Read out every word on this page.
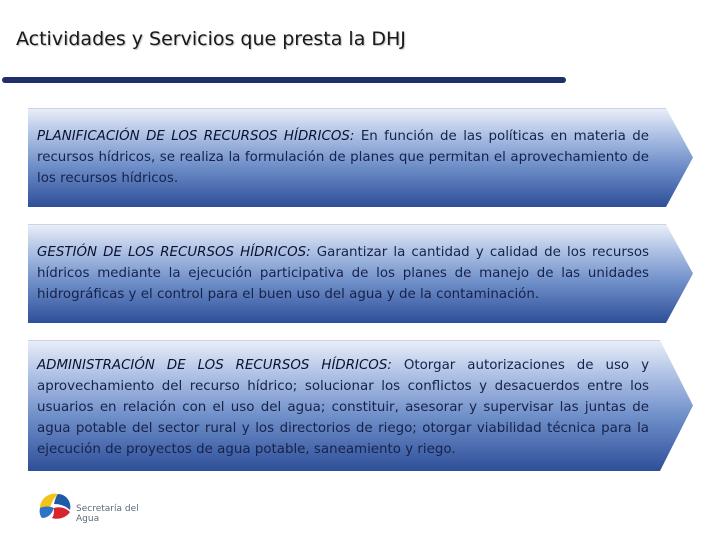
Actividades y Servicios que presta la DHJ

PLANIFICACIÓN DE LOS RECURSOS HÍDRICOS: En función de las políticas en materia de recursos hídricos, se realiza la formulación de planes que permitan el aprovechamiento de los recursos hídricos.

GESTIÓN DE LOS RECURSOS HÍDRICOS: Garantizar la cantidad y calidad de los recursos hídricos mediante la ejecución participativa de los planes de manejo de las unidades hidrográficas y el control para el buen uso del agua y de la contaminación.

ADMINISTRACIÓN DE LOS RECURSOS HÍDRICOS: Otorgar autorizaciones de uso y aprovechamiento del recurso hídrico; solucionar los conflictos y desacuerdos entre los usuarios en relación con el uso del agua; constituir, asesorar y supervisar las juntas de agua potable del sector rural y los directorios de riego; otorgar viabilidad técnica para la ejecución de proyectos de agua potable, saneamiento y riego.

Secretaría del
Agua
